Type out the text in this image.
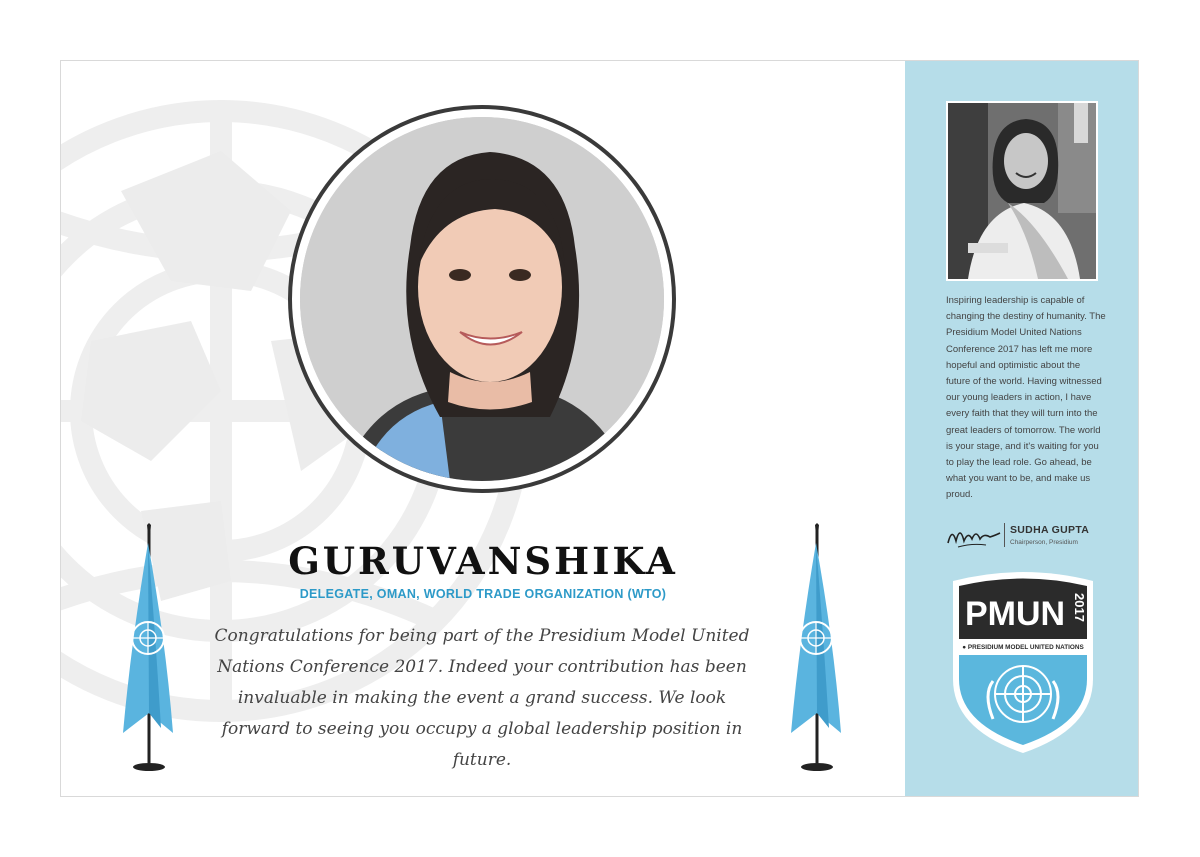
GURUVANSHIKA
DELEGATE, OMAN, WORLD TRADE ORGANIZATION (WTO)
Congratulations for being part of the Presidium Model United Nations Conference 2017. Indeed your contribution has been invaluable in making the event a grand success. We look forward to seeing you occupy a global leadership position in future.
Inspiring leadership is capable of changing the destiny of humanity. The Presidium Model United Nations Conference 2017 has left me more hopeful and optimistic about the future of the world. Having witnessed our young leaders in action, I have every faith that they will turn into the great leaders of tomorrow. The world is your stage, and it's waiting for you to play the lead role. Go ahead, be what you want to be, and make us proud.
SUDHA GUPTA
Chairperson, Presidium
PMUN 2017
● PRESIDIUM MODEL UNITED NATIONS
